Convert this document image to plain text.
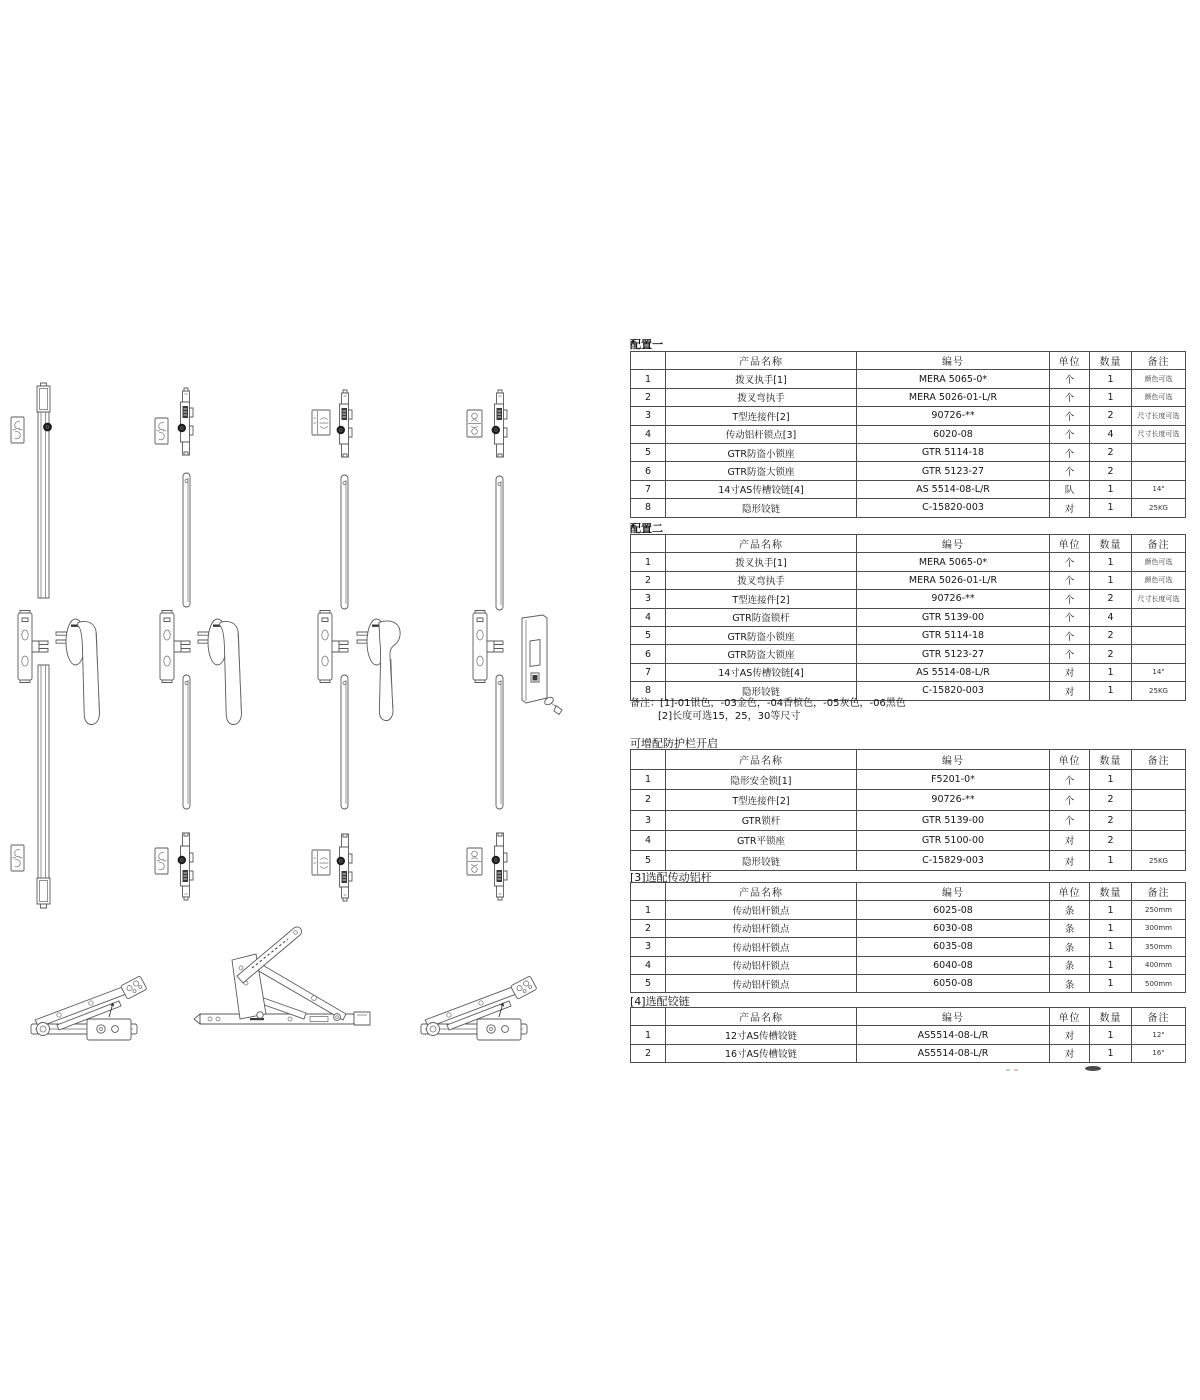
配置一
	产品名称	编号	单位	数量	备注
1	拨叉执手[1]	MERA 5065-0*	个	1	颜色可选
2	拨叉弯执手	MERA 5026-01-L/R	个	1	颜色可选
3	T型连接件[2]	90726-**	个	2	尺寸长度可选
4	传动铝杆锁点[3]	6020-08	个	4	尺寸长度可选
5	GTR防盗小锁座	GTR 5114-18	个	2	
6	GTR防盗大锁座	GTR 5123-27	个	2	
7	14寸AS传槽铰链[4]	AS 5514-08-L/R	队	1	14"
8	隐形铰链	C-15820-003	对	1	25KG
配置二
	产品名称	编号	单位	数量	备注
1	拨叉执手[1]	MERA 5065-0*	个	1	颜色可选
2	拨叉弯执手	MERA 5026-01-L/R	个	1	颜色可选
3	T型连接件[2]	90726-**	个	2	尺寸长度可选
4	GTR防盗锁杆	GTR 5139-00	个	4	
5	GTR防盗小锁座	GTR 5114-18	个	2	
6	GTR防盗大锁座	GTR 5123-27	个	2	
7	14寸AS传槽铰链[4]	AS 5514-08-L/R	对	1	14"
8	隐形铰链	C-15820-003	对	1	25KG
备注：[1]-01银色，-03金色，-04香槟色，-05灰色，-06黑色
[2]长度可选15，25，30等尺寸
可增配防护栏开启
	产品名称	编号	单位	数量	备注
1	隐形安全锁[1]	F5201-0*	个	1	
2	T型连接件[2]	90726-**	个	2	
3	GTR锁杆	GTR 5139-00	个	2	
4	GTR平锁座	GTR 5100-00	对	2	
5	隐形铰链	C-15829-003	对	1	25KG
[3]选配传动铝杆
	产品名称	编号	单位	数量	备注
1	传动铝杆锁点	6025-08	条	1	250mm
2	传动铝杆锁点	6030-08	条	1	300mm
3	传动铝杆锁点	6035-08	条	1	350mm
4	传动铝杆锁点	6040-08	条	1	400mm
5	传动铝杆锁点	6050-08	条	1	500mm
[4]选配铰链
	产品名称	编号	单位	数量	备注
1	12寸AS传槽铰链	AS5514-08-L/R	对	1	12"
2	16寸AS传槽铰链	AS5514-08-L/R	对	1	16"
